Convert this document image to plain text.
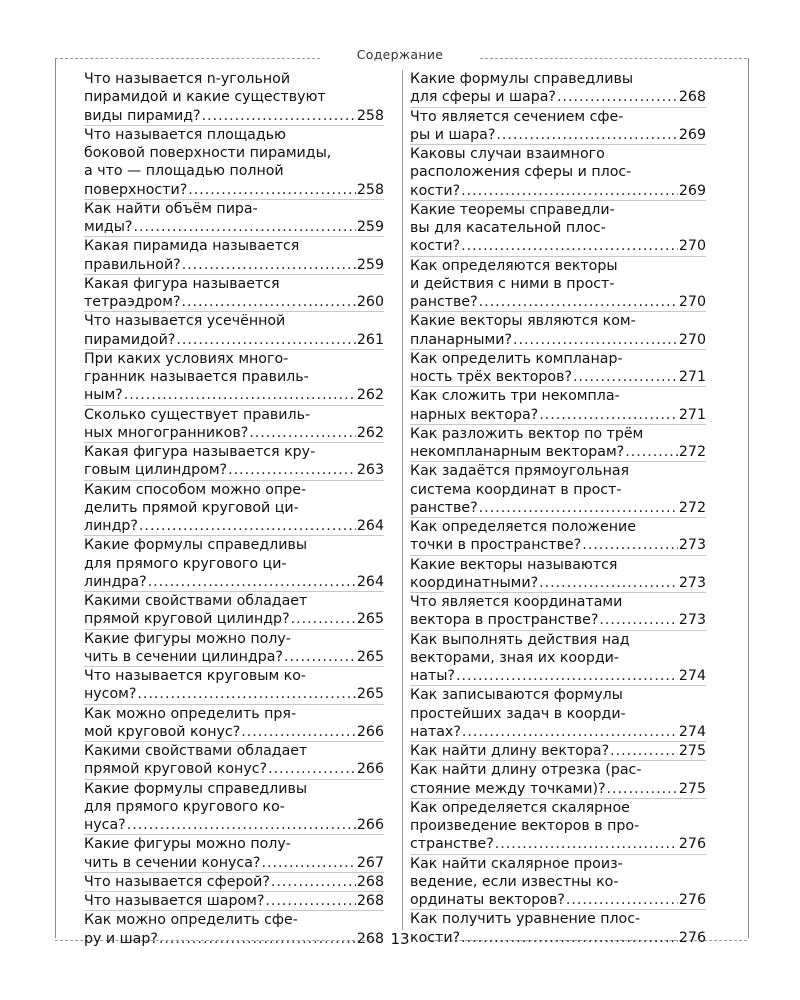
Содержание
Что называется n-угольной
пирамидой и какие существуют
виды пирамид? .....	258
Что называется площадью
боковой поверхности пирамиды,
а что — площадью полной
поверхности? .....	258
Как найти объём пира-
миды? .....	259
Какая пирамида называется
правильной? .....	259
Какая фигура называется
тетраэдром? .....	260
Что называется усечённой
пирамидой? .....	261
При каких условиях много-
гранник называется правиль-
ным? .....	262
Сколько существует правиль-
ных многогранников? .....	262
Какая фигура называется кру-
говым цилиндром? .....	263
Каким способом можно опре-
делить прямой круговой ци-
линдр? .....	264
Какие формулы справедливы
для прямого кругового ци-
линдра? .....	264
Какими свойствами обладает
прямой круговой цилиндр? .....	265
Какие фигуры можно полу-
чить в сечении цилиндра? .....	265
Что называется круговым ко-
нусом? .....	265
Как можно определить пря-
мой круговой конус? .....	266
Какими свойствами обладает
прямой круговой конус? .....	266
Какие формулы справедливы
для прямого кругового ко-
нуса? .....	266
Какие фигуры можно полу-
чить в сечении конуса? .....	267
Что называется сферой? .....	268
Что называется шаром? .....	268
Как можно определить сфе-
ру и шар? .....	268
Какие формулы справедливы
для сферы и шара? .....	268
Что является сечением сфе-
ры и шара? .....	269
Каковы случаи взаимного
расположения сферы и плос-
кости? .....	269
Какие теоремы справедли-
вы для касательной плос-
кости? .....	270
Как определяются векторы
и действия с ними в прост-
ранстве? .....	270
Какие векторы являются ком-
планарными? .....	270
Как определить компланар-
ность трёх векторов? .....	271
Как сложить три некомпла-
нарных вектора? .....	271
Как разложить вектор по трём
некомпланарным векторам? .....	272
Как задаётся прямоугольная
система координат в прост-
ранстве? .....	272
Как определяется положение
точки в пространстве? .....	273
Какие векторы называются
координатными? .....	273
Что является координатами
вектора в пространстве? .....	273
Как выполнять действия над
векторами, зная их коорди-
наты? .....	274
Как записываются формулы
простейших задач в коорди-
натах? .....	274
Как найти длину вектора? .....	275
Как найти длину отрезка (рас-
стояние между точками)? .....	275
Как определяется скалярное
произведение векторов в про-
странстве? .....	276
Как найти скалярное произ-
ведение, если известны ко-
ординаты векторов? .....	276
Как получить уравнение плос-
кости? .....	276
13
